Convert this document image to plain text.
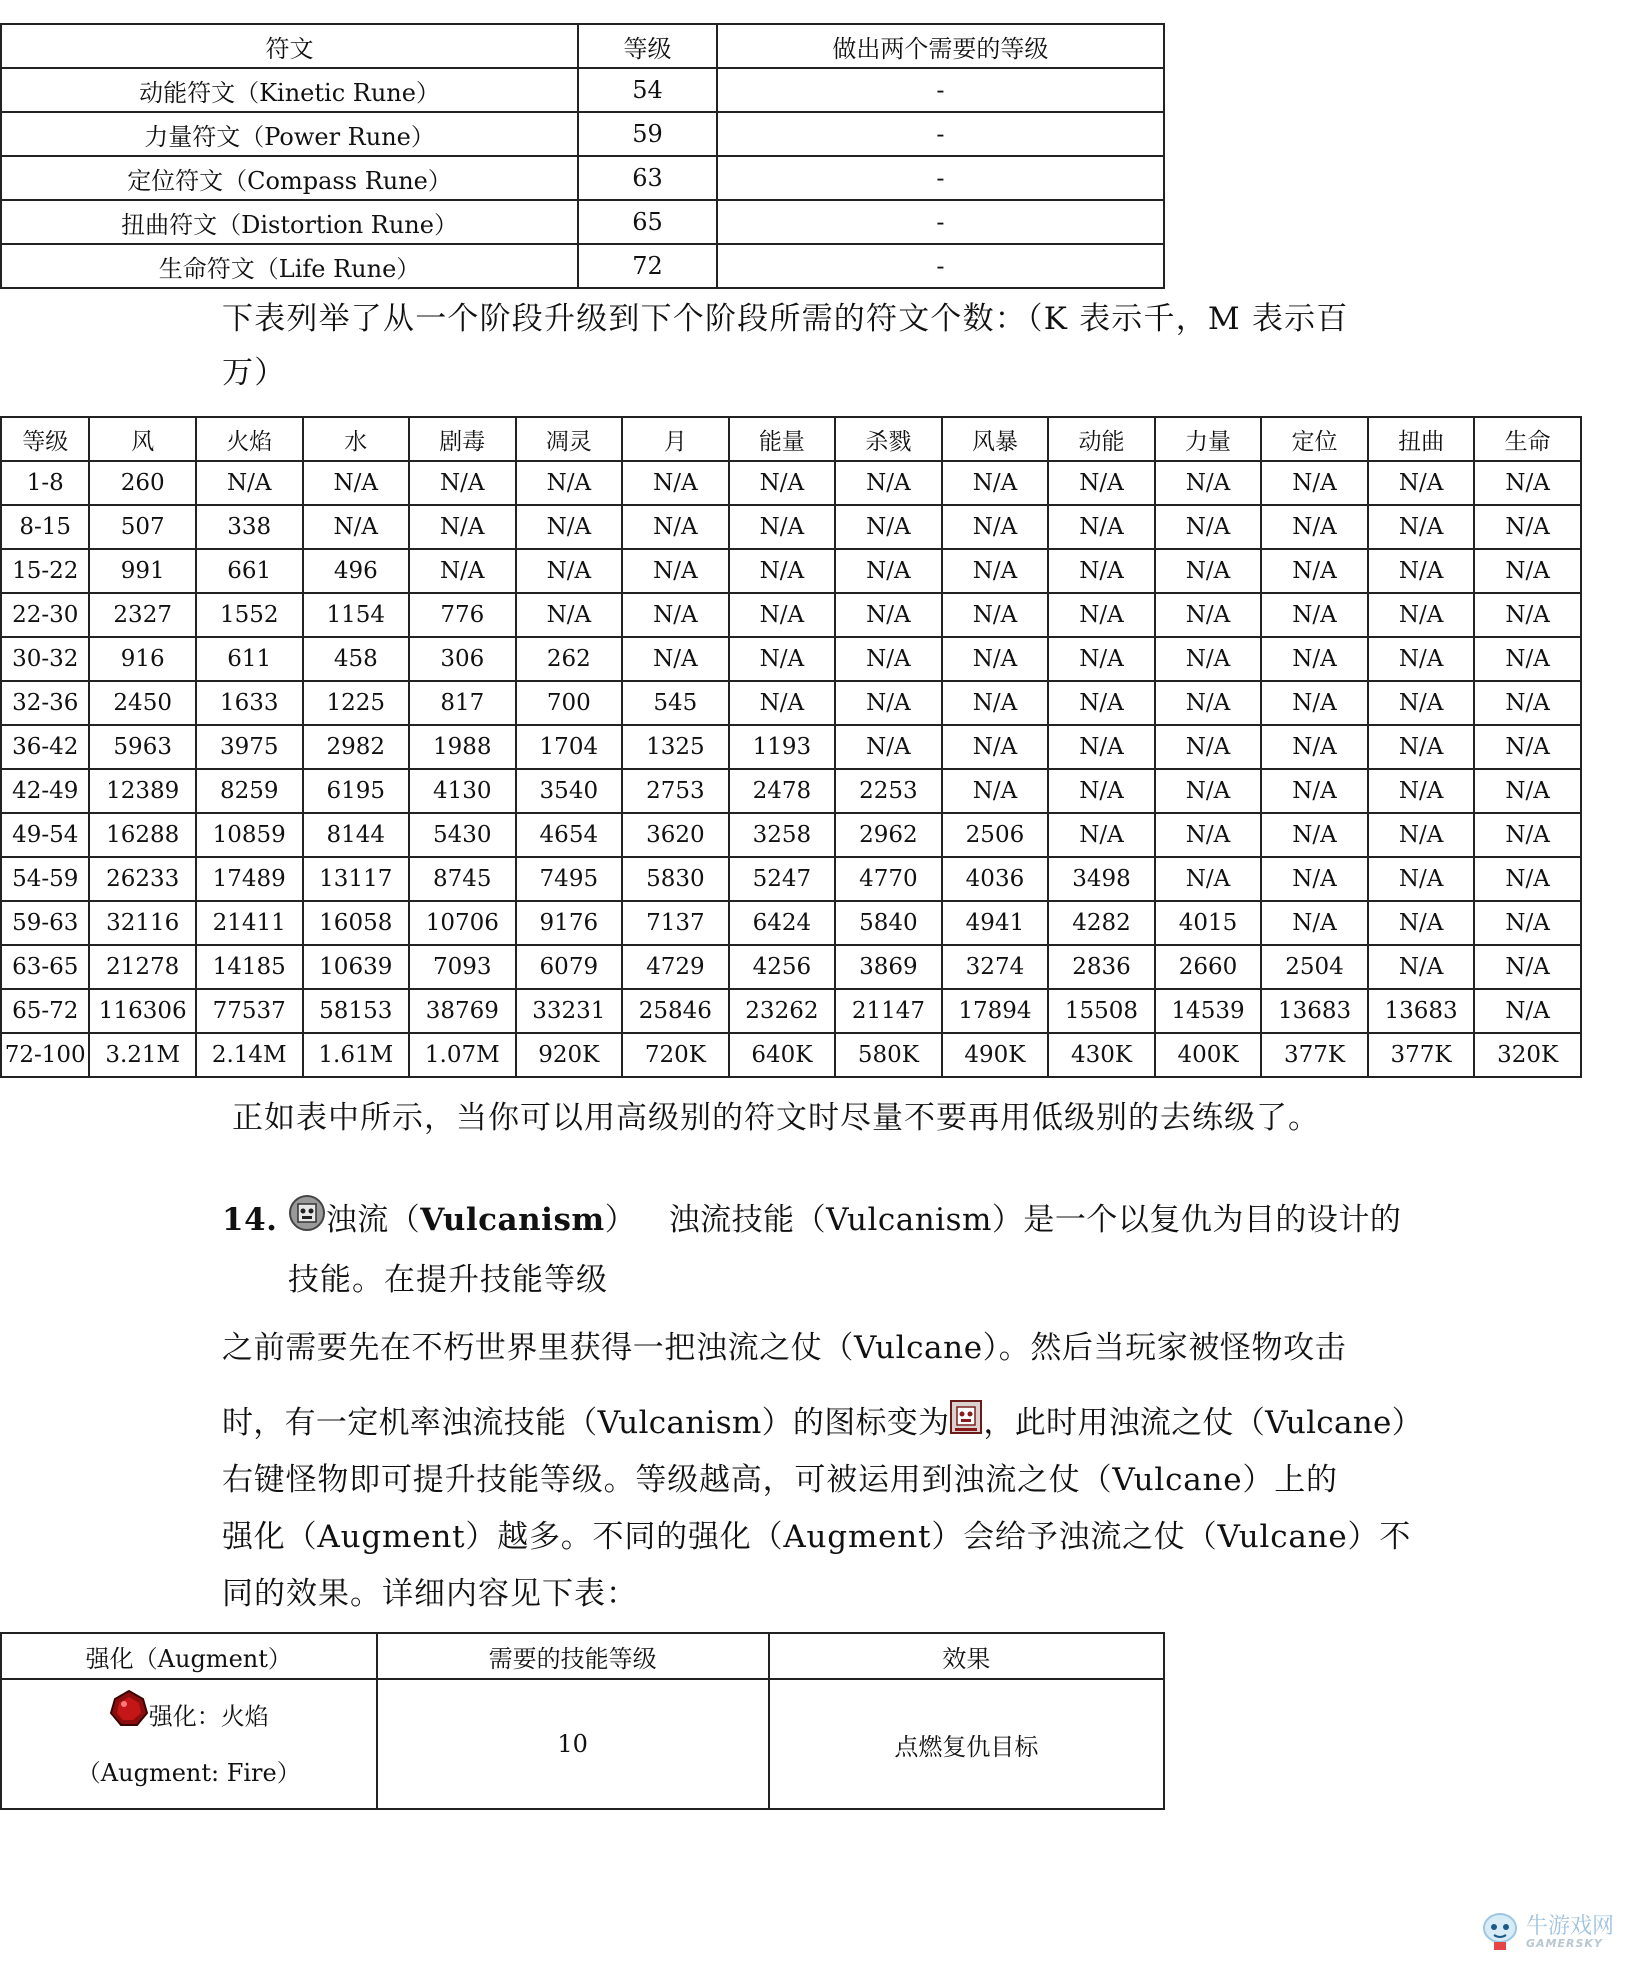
符文	等级	做出两个需要的等级
动能符文（Kinetic Rune）	54	-
力量符文（Power Rune）	59	-
定位符文（Compass Rune）	63	-
扭曲符文（Distortion Rune）	65	-
生命符文（Life Rune）	72	-

下表列举了从一个阶段升级到下个阶段所需的符文个数：（K 表示千，M 表示百万）

等级	风	火焰	水	剧毒	凋灵	月	能量	杀戮	风暴	动能	力量	定位	扭曲	生命
1-8	260	N/A	N/A	N/A	N/A	N/A	N/A	N/A	N/A	N/A	N/A	N/A	N/A	N/A
8-15	507	338	N/A	N/A	N/A	N/A	N/A	N/A	N/A	N/A	N/A	N/A	N/A	N/A
15-22	991	661	496	N/A	N/A	N/A	N/A	N/A	N/A	N/A	N/A	N/A	N/A	N/A
22-30	2327	1552	1154	776	N/A	N/A	N/A	N/A	N/A	N/A	N/A	N/A	N/A	N/A
30-32	916	611	458	306	262	N/A	N/A	N/A	N/A	N/A	N/A	N/A	N/A	N/A
32-36	2450	1633	1225	817	700	545	N/A	N/A	N/A	N/A	N/A	N/A	N/A	N/A
36-42	5963	3975	2982	1988	1704	1325	1193	N/A	N/A	N/A	N/A	N/A	N/A	N/A
42-49	12389	8259	6195	4130	3540	2753	2478	2253	N/A	N/A	N/A	N/A	N/A	N/A
49-54	16288	10859	8144	5430	4654	3620	3258	2962	2506	N/A	N/A	N/A	N/A	N/A
54-59	26233	17489	13117	8745	7495	5830	5247	4770	4036	3498	N/A	N/A	N/A	N/A
59-63	32116	21411	16058	10706	9176	7137	6424	5840	4941	4282	4015	N/A	N/A	N/A
63-65	21278	14185	10639	7093	6079	4729	4256	3869	3274	2836	2660	2504	N/A	N/A
65-72	116306	77537	58153	38769	33231	25846	23262	21147	17894	15508	14539	13683	13683	N/A
72-100	3.21M	2.14M	1.61M	1.07M	920K	720K	640K	580K	490K	430K	400K	377K	377K	320K

正如表中所示，当你可以用高级别的符文时尽量不要再用低级别的去练级了。

14. 浊流（Vulcanism） 浊流技能（Vulcanism）是一个以复仇为目的设计的

技能。在提升技能等级

之前需要先在不朽世界里获得一把浊流之仗（Vulcane）。然后当玩家被怪物攻击

时，有一定机率浊流技能（Vulcanism）的图标变为 ，此时用浊流之仗（Vulcane）

右键怪物即可提升技能等级。等级越高，可被运用到浊流之仗（Vulcane）上的

强化（Augment）越多。不同的强化（Augment）会给予浊流之仗（Vulcane）不

同的效果。详细内容见下表：

强化（Augment）	需要的技能等级	效果

强化：火焰
（Augment: Fire）	10	点燃复仇目标
牛游戏网
GAMERSKY
